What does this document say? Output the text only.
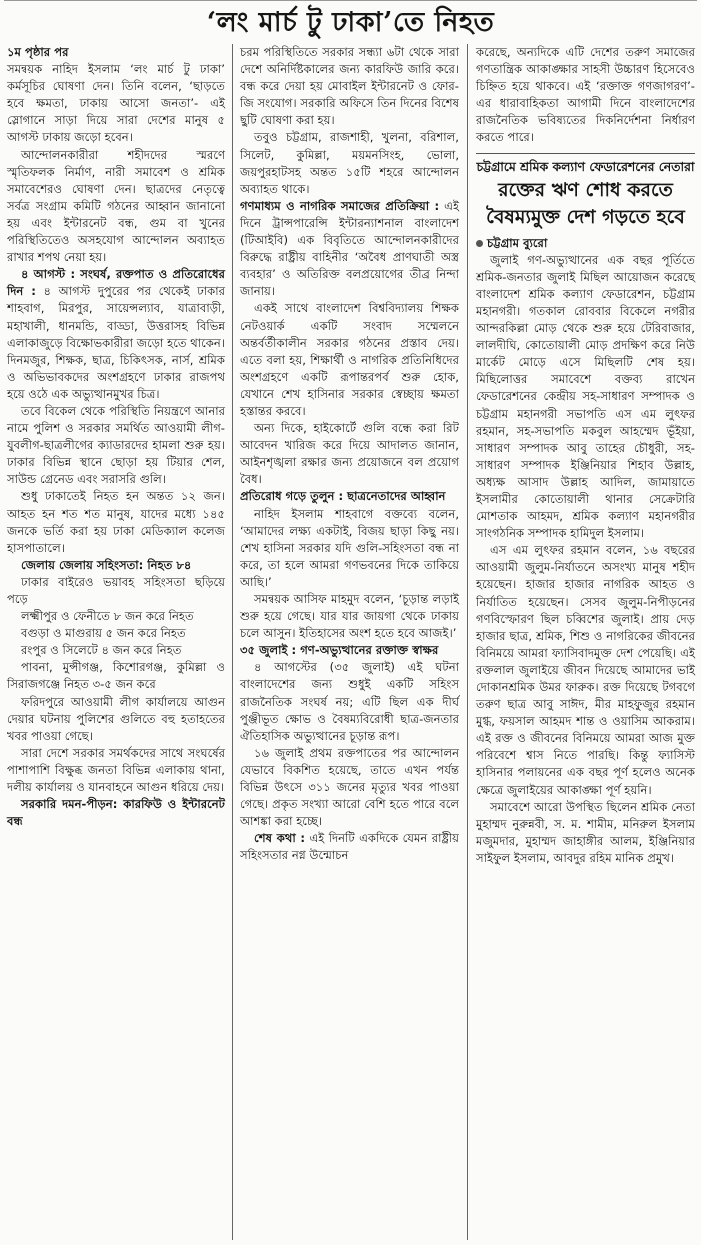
‘লং মার্চ টু ঢাকা’তে নিহত

১ম পৃষ্ঠার পর

সমন্বয়ক নাহিদ ইসলাম ‘লং মার্চ টু ঢাকা’ কর্মসূচির ঘোষণা দেন। তিনি বলেন, ‘ছাড়তে হবে ক্ষমতা, ঢাকায় আসো জনতা’- এই স্লোগানে সাড়া দিয়ে সারা দেশের মানুষ ৫ আগস্ট ঢাকায় জড়ো হবেন।

আন্দোলনকারীরা শহীদদের স্মরণে স্মৃতিফলক নির্মাণ, নারী সমাবেশ ও শ্রমিক সমাবেশেরও ঘোষণা দেন। ছাত্রদের নেতৃত্বে সর্বত্র সংগ্রাম কমিটি গঠনের আহ্বান জানানো হয় এবং ইন্টারনেট বন্ধ, গুম বা খুনের পরিস্থিতিতেও অসহযোগ আন্দোলন অব্যাহত রাখার শপথ নেয়া হয়।

৪ আগস্ট : সংঘর্ষ, রক্তপাত ও প্রতিরোধের দিন : ৪ আগস্ট দুপুরের পর থেকেই ঢাকার শাহবাগ, মিরপুর, সায়েন্সল্যাব, যাত্রাবাড়ী, মহাখালী, ধানমন্ডি, বাড্ডা, উত্তরাসহ বিভিন্ন এলাকাজুড়ে বিক্ষোভকারীরা জড়ো হতে থাকেন। দিনমজুর, শিক্ষক, ছাত্র, চিকিৎসক, নার্স, শ্রমিক ও অভিভাবকদের অংশগ্রহণে ঢাকার রাজপথ হয়ে ওঠে এক অভ্যুত্থানমুখর চিত্র।

তবে বিকেল থেকে পরিস্থিতি নিয়ন্ত্রণে আনার নামে পুলিশ ও সরকার সমর্থিত আওয়ামী লীগ-যুবলীগ-ছাত্রলীগের ক্যাডারদের হামলা শুরু হয়। ঢাকার বিভিন্ন স্থানে ছোড়া হয় টিয়ার শেল, সাউন্ড গ্রেনেড এবং সরাসরি গুলি।

শুধু ঢাকাতেই নিহত হন অন্তত ১২ জন। আহত হন শত শত মানুষ, যাদের মধ্যে ১৪৫ জনকে ভর্তি করা হয় ঢাকা মেডিক্যাল কলেজ হাসপাতালে।

জেলায় জেলায় সহিংসতা: নিহত ৮৪

ঢাকার বাইরেও ভয়াবহ সহিংসতা ছড়িয়ে পড়ে

লক্ষ্মীপুর ও ফেনীতে ৮ জন করে নিহত

বগুড়া ও মাগুরায় ৫ জন করে নিহত

রংপুর ও সিলেটে ৪ জন করে নিহত

পাবনা, মুন্সীগঞ্জ, কিশোরগঞ্জ, কুমিল্লা ও সিরাজগঞ্জে নিহত ৩-৫ জন করে

ফরিদপুরে আওয়ামী লীগ কার্যালয়ে আগুন দেয়ার ঘটনায় পুলিশের গুলিতে বহু হতাহতের খবর পাওয়া গেছে।

সারা দেশে সরকার সমর্থকদের সাথে সংঘর্ষের পাশাপাশি বিক্ষুব্ধ জনতা বিভিন্ন এলাকায় থানা, দলীয় কার্যালয় ও যানবাহনে আগুন ধরিয়ে দেয়।

সরকারি দমন-পীড়ন: কারফিউ ও ইন্টারনেট বন্ধ

চরম পরিস্থিতিতে সরকার সন্ধ্যা ৬টা থেকে সারা দেশে অনির্দিষ্টকালের জন্য কারফিউ জারি করে। বন্ধ করে দেয়া হয় মোবাইল ইন্টারনেট ও ফোর-জি সংযোগ। সরকারি অফিসে তিন দিনের বিশেষ ছুটি ঘোষণা করা হয়।

তবুও চট্টগ্রাম, রাজশাহী, খুলনা, বরিশাল, সিলেট, কুমিল্লা, ময়মনসিংহ, ভোলা, জয়পুরহাটসহ অন্তত ১৫টি শহরে আন্দোলন অব্যাহত থাকে।

গণমাধ্যম ও নাগরিক সমাজের প্রতিক্রিয়া : এই দিনে ট্রান্সপারেন্সি ইন্টারন্যাশনাল বাংলাদেশ (টিআইবি) এক বিবৃতিতে আন্দোলনকারীদের বিরুদ্ধে রাষ্ট্রীয় বাহিনীর ‘অবৈধ প্রাণঘাতী অস্ত্র ব্যবহার’ ও অতিরিক্ত বলপ্রয়োগের তীব্র নিন্দা জানায়।

একই সাথে বাংলাদেশ বিশ্ববিদ্যালয় শিক্ষক নেটওয়ার্ক একটি সংবাদ সম্মেলনে অন্তর্বর্তীকালীন সরকার গঠনের প্রস্তাব দেয়। এতে বলা হয়, শিক্ষার্থী ও নাগরিক প্রতিনিধিদের অংশগ্রহণে একটি রূপান্তরপর্ব শুরু হোক, যেখানে শেখ হাসিনার সরকার স্বেচ্ছায় ক্ষমতা হস্তান্তর করবে।

অন্য দিকে, হাইকোর্টে গুলি বন্ধে করা রিট আবেদন খারিজ করে দিয়ে আদালত জানান, আইনশৃঙ্খলা রক্ষার জন্য প্রয়োজনে বল প্রয়োগ বৈধ।

প্রতিরোধ গড়ে তুলুন : ছাত্রনেতাদের আহ্বান

নাহিদ ইসলাম শাহবাগে বক্তব্যে বলেন, ‘আমাদের লক্ষ্য একটাই, বিজয় ছাড়া কিছু নয়। শেখ হাসিনা সরকার যদি গুলি-সহিংসতা বন্ধ না করে, তা হলে আমরা গণভবনের দিকে তাকিয়ে আছি।’

সমন্বয়ক আসিফ মাহমুদ বলেন, ‘চূড়ান্ত লড়াই শুরু হয়ে গেছে। যার যার জায়গা থেকে ঢাকায় চলে আসুন। ইতিহাসের অংশ হতে হবে আজই।’

৩৫ জুলাই : গণ-অভ্যুত্থানের রক্তাক্ত স্বাক্ষর

৪ আগস্টের (৩৫ জুলাই) এই ঘটনা বাংলাদেশের জন্য শুধুই একটি সহিংস রাজনৈতিক সংঘর্ষ নয়; এটি ছিল এক দীর্ঘ পুঞ্জীভূত ক্ষোভ ও বৈষম্যবিরোধী ছাত্র-জনতার ঐতিহাসিক অভ্যুত্থানের চূড়ান্ত রূপ।

১৬ জুলাই প্রথম রক্তপাতের পর আন্দোলন যেভাবে বিকশিত হয়েছে, তাতে এখন পর্যন্ত বিভিন্ন উৎসে ৩১১ জনের মৃত্যুর খবর পাওয়া গেছে। প্রকৃত সংখ্যা আরো বেশি হতে পারে বলে আশঙ্কা করা হচ্ছে।

শেষ কথা : এই দিনটি একদিকে যেমন রাষ্ট্রীয় সহিংসতার নগ্ন উন্মোচন

করেছে, অন্যদিকে এটি দেশের তরুণ সমাজের গণতান্ত্রিক আকাঙ্ক্ষার সাহসী উচ্চারণ হিসেবেও চিহ্নিত হয়ে থাকবে। এই ‘রক্তাক্ত গণজাগরণ’-এর ধারাবাহিকতা আগামী দিনে বাংলাদেশের রাজনৈতিক ভবিষ্যতের দিকনির্দেশনা নির্ধারণ করতে পারে।

চট্টগ্রামে শ্রমিক কল্যাণ ফেডারেশনের নেতারা
রক্তের ঋণ শোধ করতে
বৈষম্যমুক্ত দেশ গড়তে হবে

চট্টগ্রাম ব্যুরো

জুলাই গণ-অভ্যুত্থানের এক বছর পূর্তিতে শ্রমিক-জনতার জুলাই মিছিল আয়োজন করেছে বাংলাদেশ শ্রমিক কল্যাণ ফেডারেশন, চট্টগ্রাম মহানগরী। গতকাল রোববার বিকেলে নগরীর আন্দরকিল্লা মোড় থেকে শুরু হয়ে টেরিবাজার, লালদীঘি, কোতোয়ালী মোড় প্রদক্ষিণ করে নিউ মার্কেট মোড়ে এসে মিছিলটি শেষ হয়। মিছিলোত্তর সমাবেশে বক্তব্য রাখেন ফেডারেশনের কেন্দ্রীয় সহ-সাধারণ সম্পাদক ও চট্টগ্রাম মহানগরী সভাপতি এস এম লুৎফর রহমান, সহ-সভাপতি মকবুল আহম্মেদ ভূঁইয়া, সাধারণ সম্পাদক আবু তাহের চৌধুরী, সহ-সাধারণ সম্পাদক ইঞ্জিনিয়ার শিহাব উল্লাহ, অধ্যক্ষ আসাদ উল্লাহ আদিল, জামায়াতে ইসলামীর কোতোয়ালী থানার সেক্রেটারি মোশতাক আহমদ, শ্রমিক কল্যাণ মহানগরীর সাংগঠনিক সম্পাদক হামিদুল ইসলাম।

এস এম লুৎফর রহমান বলেন, ১৬ বছরের আওয়ামী জুলুম-নির্যাতনে অসংখ্য মানুষ শহীদ হয়েছেন। হাজার হাজার নাগরিক আহত ও নির্যাতিত হয়েছেন। সেসব জুলুম-নিপীড়নের গণবিস্ফোরণ ছিল চব্বিশের জুলাই। প্রায় দেড় হাজার ছাত্র, শ্রমিক, শিশু ও নাগরিকের জীবনের বিনিময়ে আমরা ফ্যাসিবাদমুক্ত দেশ পেয়েছি। এই রক্তলাল জুলাইয়ে জীবন দিয়েছে আমাদের ভাই দোকানশ্রমিক উমর ফারুক। রক্ত দিয়েছে টগবগে তরুণ ছাত্র আবু সাঈদ, মীর মাহফুজুর রহমান মুগ্ধ, ফয়সাল আহমদ শান্ত ও ওয়াসিম আকরাম। এই রক্ত ও জীবনের বিনিময়ে আমরা আজ মুক্ত পরিবেশে শ্বাস নিতে পারছি। কিন্তু ফ্যাসিস্ট হাসিনার পলায়নের এক বছর পূর্ণ হলেও অনেক ক্ষেত্রে জুলাইয়ের আকাঙ্ক্ষা পূর্ণ হয়নি।

সমাবেশে আরো উপস্থিত ছিলেন শ্রমিক নেতা মুহাম্মদ নুরুন্নবী, স. ম. শামীম, মনিরুল ইসলাম মজুমদার, মুহাম্মদ জাহাঙ্গীর আলম, ইঞ্জিনিয়ার সাইফুল ইসলাম, আবদুর রহিম মানিক প্রমুখ।
